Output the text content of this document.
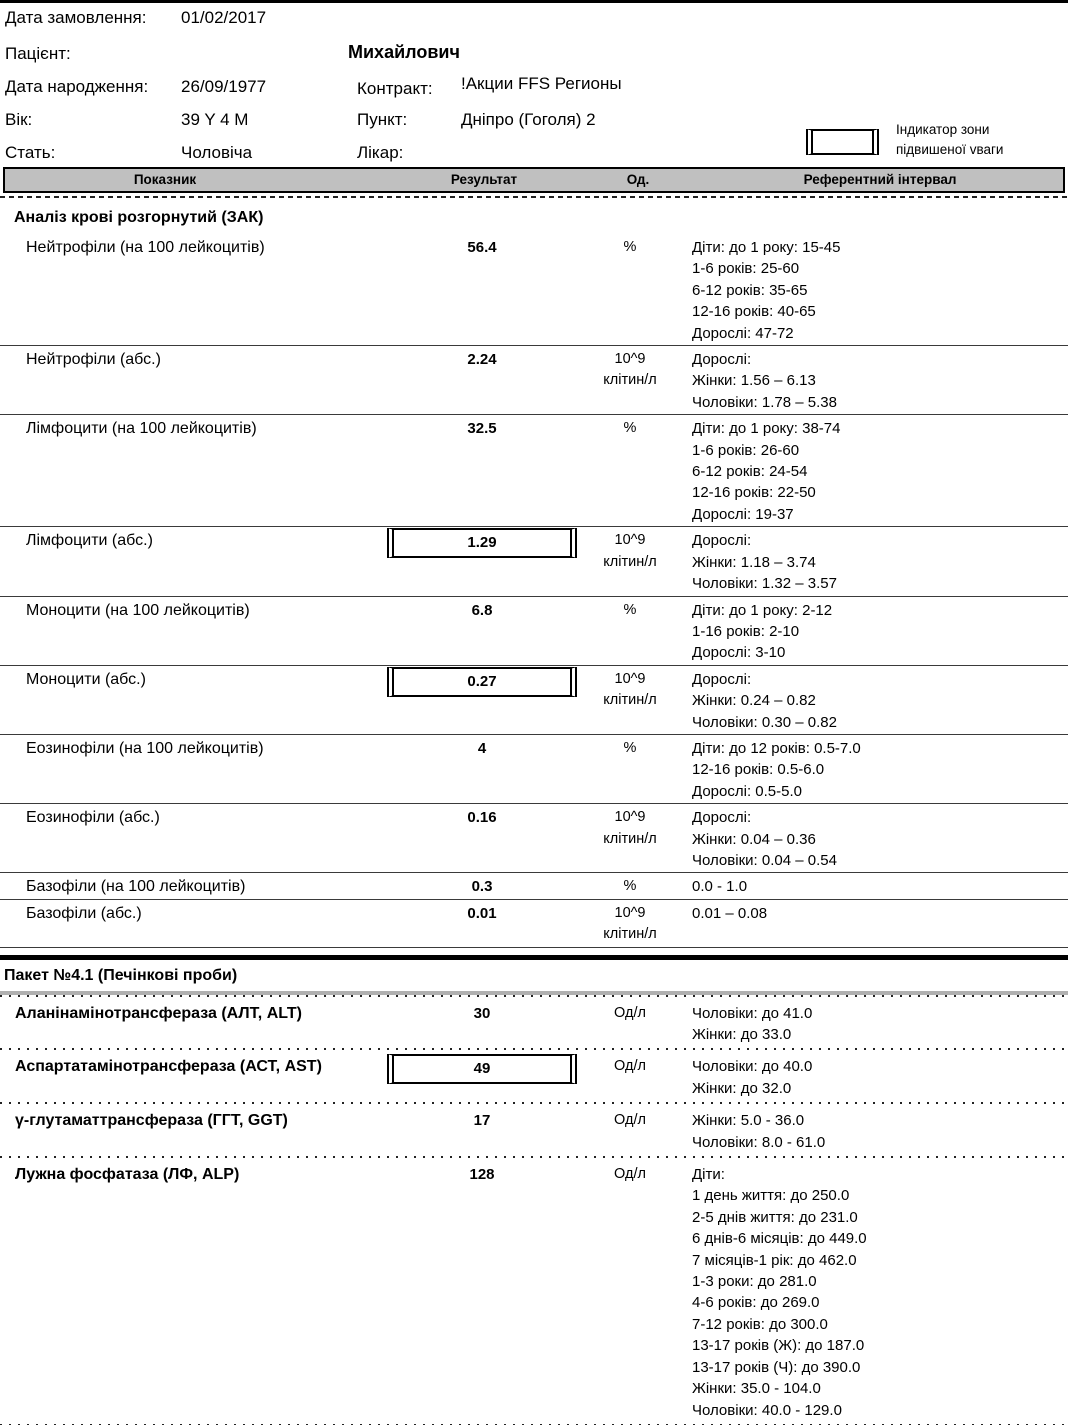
Дата замовлення: 01/02/2017
Пацієнт:	Михайлович
Дата народження: 26/09/1977	Контракт: !Акции FFS Регионы
Вік:	39 Y 4 M	Пункт:	Дніпро (Гоголя) 2
Стать:	Чоловіча	Лікар:
Індикатор зони
підвишеної vваги
Показник	Результат	Од.	Референтний інтервал
Аналіз крові розгорнутий (ЗАК)
Нейтрофіли (на 100 лейкоцитів)	56.4	%	Діти: до 1 року: 15-45
1-6 років: 25-60
6-12 років: 35-65
12-16 років: 40-65
Дорослі: 47-72
Нейтрофіли (абс.)	2.24	10^9
клітин/л
Дорослі:
Жінки: 1.56 – 6.13
Чоловіки: 1.78 – 5.38
Лімфоцити (на 100 лейкоцитів)	32.5	%	Діти: до 1 року: 38-74
1-6 років: 26-60
6-12 років: 24-54
12-16 років: 22-50
Дорослі: 19-37
Лімфоцити (абс.)	1.29	10^9
клітин/л
Дорослі:
Жінки: 1.18 – 3.74
Чоловіки: 1.32 – 3.57
Моноцити (на 100 лейкоцитів)	6.8	%	Діти: до 1 року: 2-12
1-16 років: 2-10
Дорослі: 3-10
Моноцити (абс.)	0.27	10^9
клітин/л
Дорослі:
Жінки: 0.24 – 0.82
Чоловіки: 0.30 – 0.82
Еозинофіли (на 100 лейкоцитів)	4	%	Діти: до 12 років: 0.5-7.0
12-16 років: 0.5-6.0
Дорослі: 0.5-5.0
Еозинофіли (абс.)	0.16	10^9
клітин/л
Дорослі:
Жінки: 0.04 – 0.36
Чоловіки: 0.04 – 0.54
Базофіли (на 100 лейкоцитів)	0.3	%	0.0 - 1.0
Базофіли (абс.)	0.01	10^9
клітин/л
0.01 – 0.08
Пакет №4.1 (Печінкові проби)
Аланінамінотрансфераза (АЛТ, ALT)	30	Од/л	Чоловіки: до 41.0
Жінки: до 33.0
Аспартатамінотрансфераза (АСТ, AST)	49	Од/л	Чоловіки: до 40.0
Жінки: до 32.0
γ-глутаматтрансфераза (ГГТ, GGT)	17	Од/л	Жінки: 5.0 - 36.0
Чоловіки: 8.0 - 61.0
Лужна фосфатаза (ЛФ, ALP)	128	Од/л	Діти:
1 день життя: до 250.0
2-5 днів життя: до 231.0
6 днів-6 місяців: до 449.0
7 місяців-1 рік: до 462.0
1-3 роки: до 281.0
4-6 років: до 269.0
7-12 років: до 300.0
13-17 років (Ж): до 187.0
13-17 років (Ч): до 390.0
Жінки: 35.0 - 104.0
Чоловіки: 40.0 - 129.0
